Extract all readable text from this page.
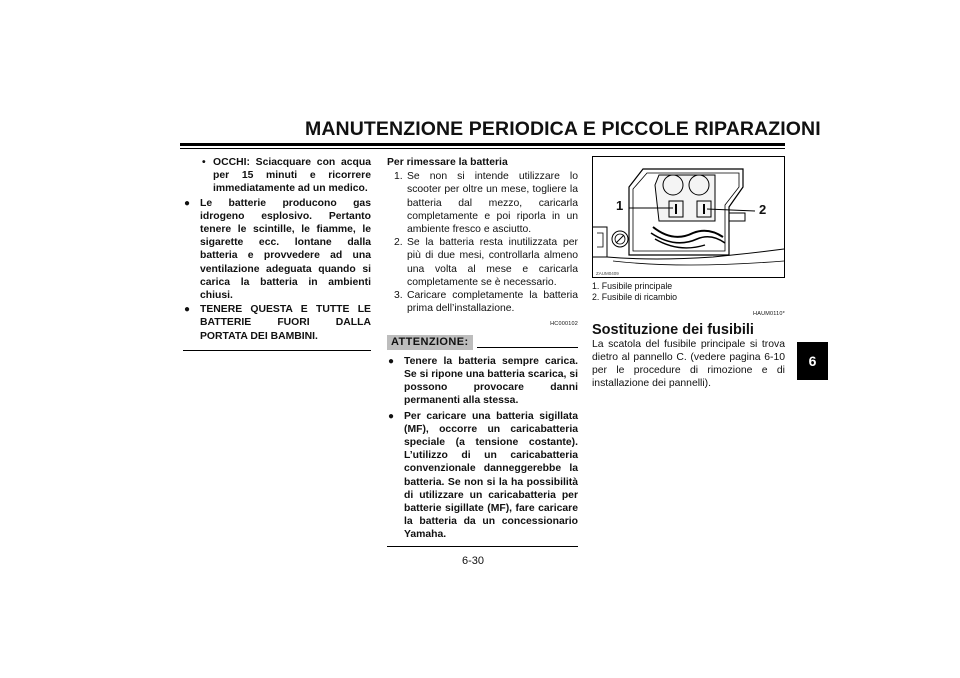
MANUTENZIONE PERIODICA E PICCOLE RIPARAZIONI
• OCCHI: Sciacquare con acqua per 15 minuti e ricorrere immediatamente ad un medico.
● Le batterie producono gas idrogeno esplosivo. Pertanto tenere le scintille, le fiamme, le sigarette ecc. lontane dalla batteria e provvedere ad una ventilazione adeguata quando si carica la batteria in ambienti chiusi.
● TENERE QUESTA E TUTTE LE BATTERIE FUORI DALLA PORTATA DEI BAMBINI.
Per rimessare la batteria
1. Se non si intende utilizzare lo scooter per oltre un mese, togliere la batteria dal mezzo, caricarla completamente e poi riporla in un ambiente fresco e asciutto.
2. Se la batteria resta inutilizzata per più di due mesi, controllarla almeno una volta al mese e caricarla completamente se è necessario.
3. Caricare completamente la batteria prima dell’installazione.
HC000102
ATTENZIONE:
● Tenere la batteria sempre carica. Se si ripone una batteria scarica, si possono provocare danni permanenti alla stessa.
● Per caricare una batteria sigillata (MF), occorre un caricabatteria speciale (a tensione costante). L’utilizzo di un caricabatteria convenzionale danneggerebbe la batteria. Se non si la ha possibilità di utilizzare un caricabatteria per batterie sigillate (MF), fare caricare la batteria da un concessionario Yamaha.
1	2
ZAUM0409
1. Fusibile principale
2. Fusibile di ricambio
HAUM0110*
Sostituzione dei fusibili
La scatola del fusibile principale si trova dietro al pannello C. (vedere pagina 6-10 per le procedure di rimozione e di installazione dei pannelli).
6-30
6
